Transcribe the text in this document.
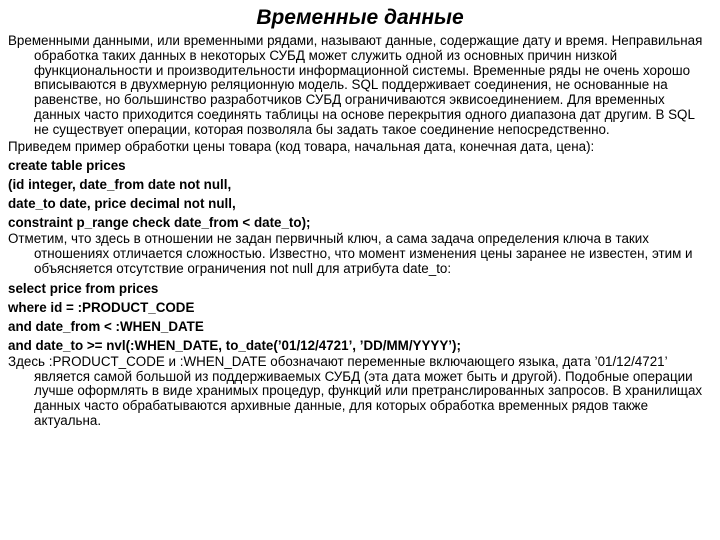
Временные данные

Временными данными, или временными рядами, называют данные, содержащие дату и время. Неправильная обработка таких данных в некоторых СУБД может служить одной из основных причин низкой функциональности и производительности информационной системы. Временные ряды не очень хорошо вписываются в двухмерную реляционную модель. SQL поддерживает соединения, не основанные на равенстве, но большинство разработчиков СУБД ограничиваются эквисоединением. Для временных данных часто приходится соединять таблицы на основе перекрытия одного диапазона дат другим. В SQL не существует операции, которая позволяла бы задать такое соединение непосредственно.

Приведем пример обработки цены товара (код товара, начальная дата, конечная дата, цена):

create table prices

(id integer, date_from date not null,

date_to date, price decimal not null,

constraint p_range check date_from < date_to);

Отметим, что здесь в отношении не задан первичный ключ, а сама задача определения ключа в таких отношениях отличается сложностью. Известно, что момент изменения цены заранее не известен, этим и объясняется отсутствие ограничения not null для атрибута date_to:

select price from prices

where id = :PRODUCT_CODE

and date_from < :WHEN_DATE

and date_to >= nvl(:WHEN_DATE, to_date(’01/12/4721’, ’DD/MM/YYYY’);

Здесь :PRODUCT_CODE и :WHEN_DATE обозначают переменные включающего языка, дата ’01/12/4721’ является самой большой из поддерживаемых СУБД (эта дата может быть и другой). Подобные операции лучше оформлять в виде хранимых процедур, функций или претранслированных запросов. В хранилищах данных часто обрабатываются архивные данные, для которых обработка временных рядов также актуальна.
